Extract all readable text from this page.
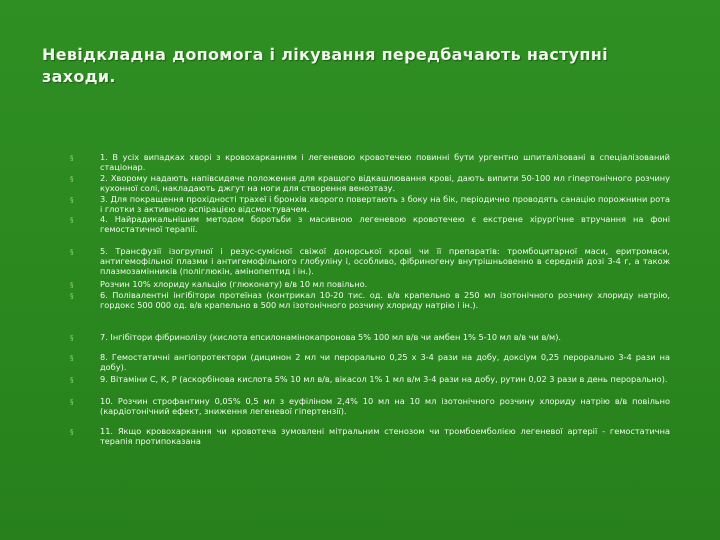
Невідкладна допомога і лікування передбачають наступні заходи.
§	1. В усіх випадках хворі з кровохарканням і легеневою кровотечею повинні бути ургентно шпиталізовані в спеціалізований стаціонар.
§	2. Хворому надають напівсидяче положення для кращого відкашлювання крові, дають випити 50-100 мл гіпертонічного розчину кухонної солі, накладають джгут на ноги для створення венозтазу.
§	3. Для покращення прохідності трахеї і бронхів хворого повертають з боку на бік, періодично проводять санацію порожнини рота і глотки з активною аспірацією відсмоктувачем.
§	4. Найрадикальнішим методом боротьби з масивною легеневою кровотечею є екстрене хірургічне втручання на фоні гемостатичної терапії.
§	5. Трансфузії ізогрупної і резус-сумісної свіжої донорської крові чи її препаратів: тромбоцитарної маси, еритромаси, антигемофільної плазми і антигемофільного глобуліну і, особливо, фібриногену внутрішньовенно в середній дозі 3-4 г, а також плазмозамінників (поліглюкін, амінопептид і ін.).
§	Розчин 10% хлориду кальцію (глюконату) в/в 10 мл повільно.
§	6. Полівалентні інгібітори протеїназ (контрикал 10-20 тис. од. в/в крапельно в 250 мл ізотонічного розчину хлориду натрію, гордокс 500 000 од. в/в крапельно в 500 мл ізотонічного розчину хлориду натрію і ін.).
§	7. Інгібітори фібринолізу (кислота епсилонамінокапронова 5% 100 мл в/в чи амбен 1% 5-10 мл в/в чи в/м).
§	8. Гемостатичні ангіопротектори (дицинон 2 мл чи перорально 0,25 х 3-4 рази на добу, доксіум 0,25 перорально 3-4 рази на добу).
§	9. Вітаміни С, К, Р (аскорбінова кислота 5% 10 мл в/в, вікасол 1% 1 мл в/м 3-4 рази на добу, рутин 0,02 3 рази в день перорально).
§	10. Розчин строфантину 0,05% 0,5 мл з еуфіліном 2,4% 10 мл на 10 мл ізотонічного розчину хлориду натрію в/в повільно (кардіотонічний ефект, зниження легеневої гіпертензії).
§	11. Якщо кровохаркання чи кровотеча зумовлені мітральним стенозом чи тромбоемболією легеневої артерії - гемостатична терапія протипоказана
